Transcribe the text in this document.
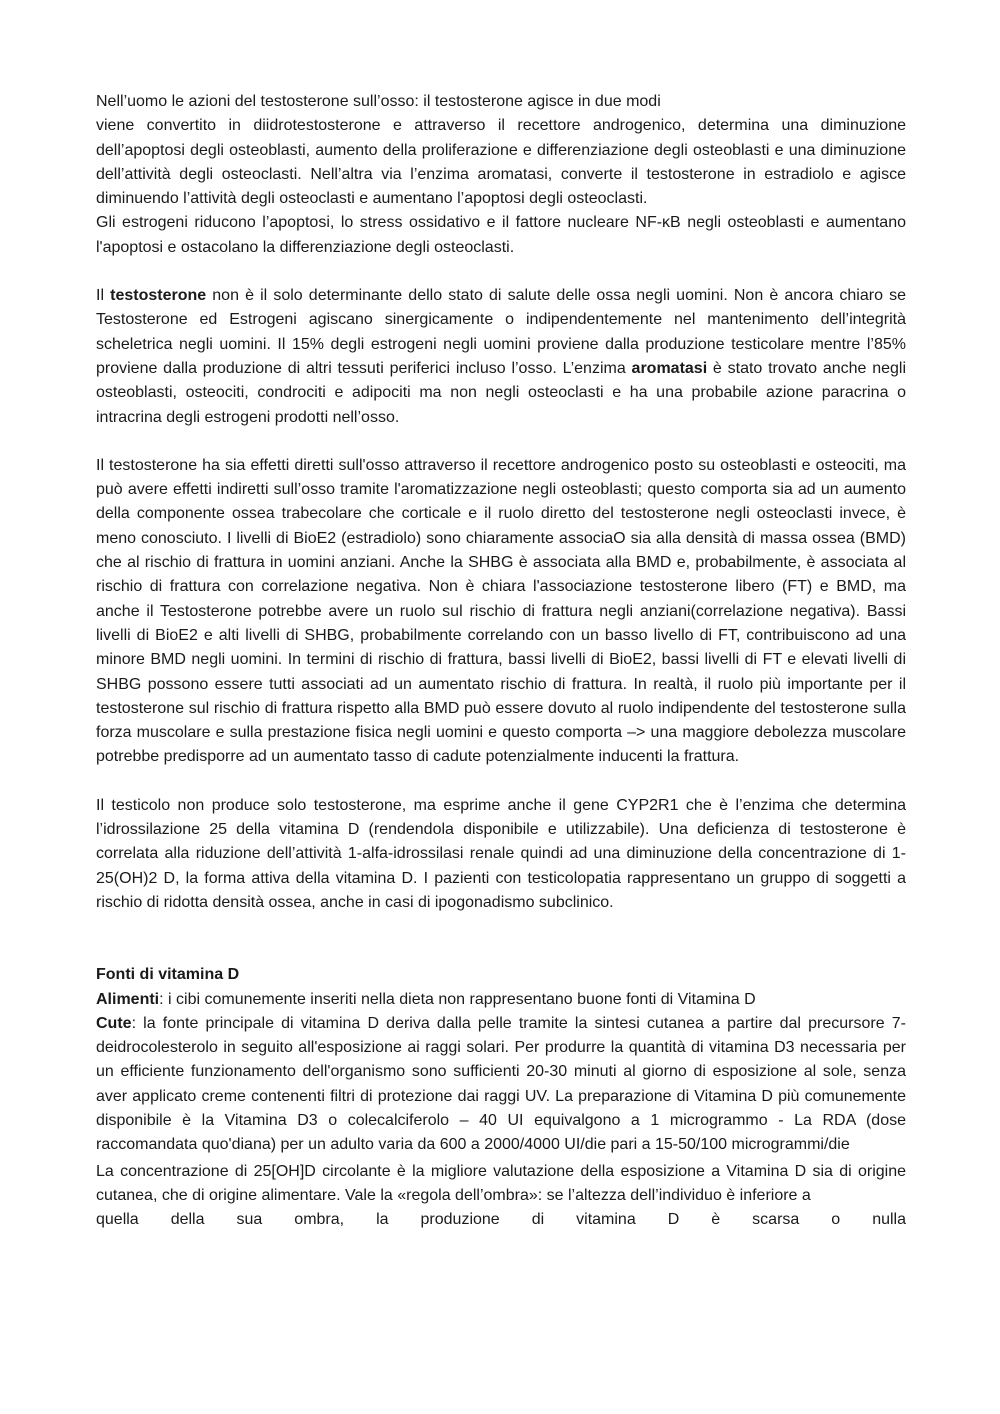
Nell’uomo le azioni del testosterone sull’osso: il testosterone agisce in due modi

viene convertito in diidrotestosterone e attraverso il recettore androgenico, determina una diminuzione dell’apoptosi degli osteoblasti, aumento della proliferazione e differenziazione degli osteoblasti e una diminuzione dell’attività degli osteoclasti. Nell’altra via l’enzima aromatasi, converte il testosterone in estradiolo e agisce diminuendo l’attività degli osteoclasti e aumentano l’apoptosi degli osteoclasti.

Gli estrogeni riducono l’apoptosi, lo stress ossidativo e il fattore nucleare NF-κB negli osteoblasti e aumentano l'apoptosi e ostacolano la differenziazione degli osteoclasti.

Il testosterone non è il solo determinante dello stato di salute delle ossa negli uomini. Non è ancora chiaro se Testosterone ed Estrogeni agiscano sinergicamente o indipendentemente nel mantenimento dell’integrità scheletrica negli uomini. Il 15% degli estrogeni negli uomini proviene dalla produzione testicolare mentre l’85% proviene dalla produzione di altri tessuti periferici incluso l’osso. L’enzima aromatasi è stato trovato anche negli osteoblasti, osteociti, condrociti e adipociti ma non negli osteoclasti e ha una probabile azione paracrina o intracrina degli estrogeni prodotti nell’osso.

Il testosterone ha sia effetti diretti sull'osso attraverso il recettore androgenico posto su osteoblasti e osteociti, ma può avere effetti indiretti sull’osso tramite l'aromatizzazione negli osteoblasti; questo comporta sia ad un aumento della componente ossea trabecolare che corticale e il ruolo diretto del testosterone negli osteoclasti invece, è meno conosciuto. I livelli di BioE2 (estradiolo) sono chiaramente associaO sia alla densità di massa ossea (BMD) che al rischio di frattura in uomini anziani. Anche la SHBG è associata alla BMD e, probabilmente, è associata al rischio di frattura con correlazione negativa. Non è chiara l'associazione testosterone libero (FT) e BMD, ma anche il Testosterone potrebbe avere un ruolo sul rischio di frattura negli anziani(correlazione negativa). Bassi livelli di BioE2 e alti livelli di SHBG, probabilmente correlando con un basso livello di FT, contribuiscono ad una minore BMD negli uomini. In termini di rischio di frattura, bassi livelli di BioE2, bassi livelli di FT e elevati livelli di SHBG possono essere tutti associati ad un aumentato rischio di frattura. In realtà, il ruolo più importante per il testosterone sul rischio di frattura rispetto alla BMD può essere dovuto al ruolo indipendente del testosterone sulla forza muscolare e sulla prestazione fisica negli uomini e questo comporta –> una maggiore debolezza muscolare potrebbe predisporre ad un aumentato tasso di cadute potenzialmente inducenti la frattura.

Il testicolo non produce solo testosterone, ma esprime anche il gene CYP2R1 che è l’enzima che determina l’idrossilazione 25 della vitamina D (rendendola disponibile e utilizzabile). Una deficienza di testosterone è correlata alla riduzione dell’attività 1-alfa-idrossilasi renale quindi ad una diminuzione della concentrazione di 1-25(OH)2 D, la forma attiva della vitamina D. I pazienti con testicolopatia rappresentano un gruppo di soggetti a rischio di ridotta densità ossea, anche in casi di ipogonadismo subclinico.

Fonti di vitamina D

Alimenti: i cibi comunemente inseriti nella dieta non rappresentano buone fonti di Vitamina D

Cute: la fonte principale di vitamina D deriva dalla pelle tramite la sintesi cutanea a partire dal precursore 7-deidrocolesterolo in seguito all'esposizione ai raggi solari. Per produrre la quantità di vitamina D3 necessaria per un efficiente funzionamento dell'organismo sono sufficienti 20-30 minuti al giorno di esposizione al sole, senza aver applicato creme contenenti filtri di protezione dai raggi UV. La preparazione di Vitamina D più comunemente disponibile è la Vitamina D3 o colecalciferolo – 40 UI equivalgono a 1 microgrammo - La RDA (dose raccomandata quo'diana) per un adulto varia da 600 a 2000/4000 UI/die pari a 15-50/100 microgrammi/die

La concentrazione di 25[OH]D circolante è la migliore valutazione della esposizione a Vitamina D sia di origine cutanea, che di origine alimentare. Vale la «regola dell’ombra»: se l’altezza dell’individuo è inferiore a

quella della sua ombra, la produzione di vitamina D è scarsa o nulla
